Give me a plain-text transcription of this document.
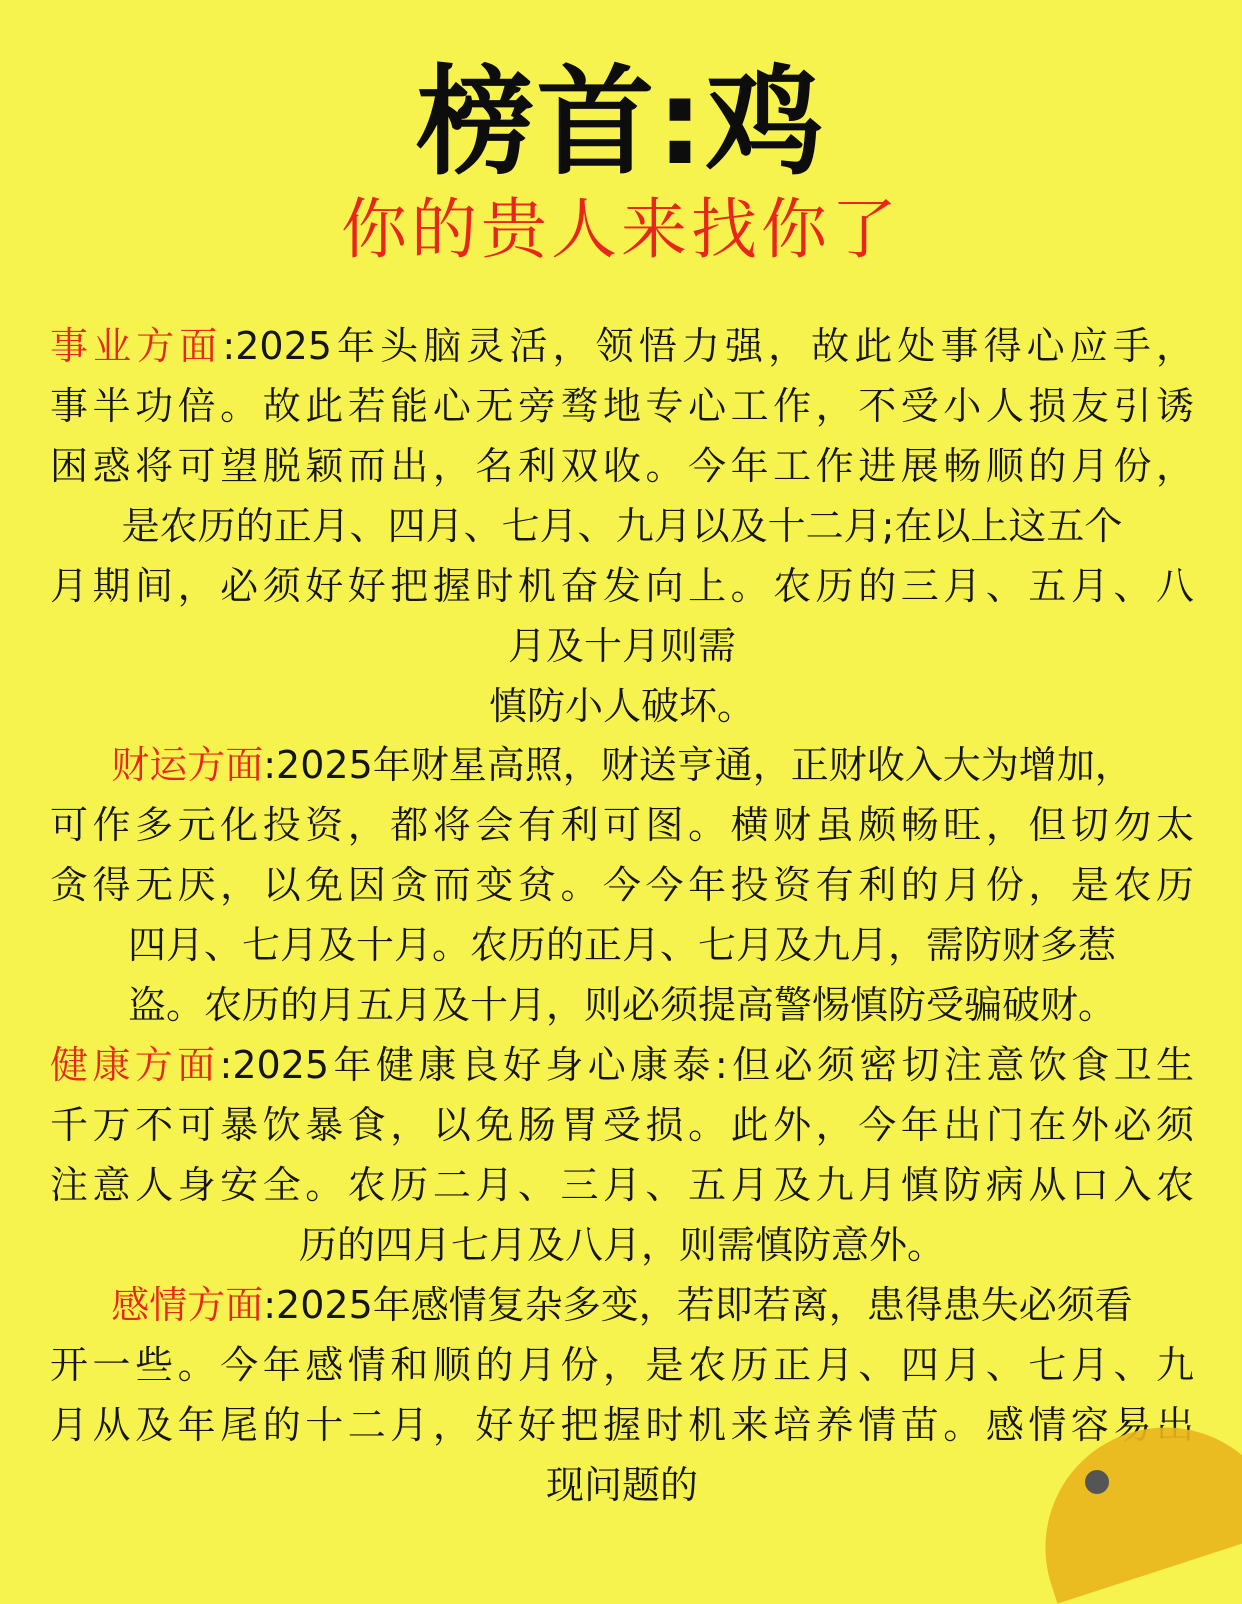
榜首:鸡
你的贵人来找你了
事业方面:2025年头脑灵活，领悟力强，故此处事得心应手，
事半功倍。故此若能心无旁骛地专心工作，不受小人损友引诱
困惑将可望脱颖而出，名利双收。今年工作进展畅顺的月份，
是农历的正月、四月、七月、九月以及十二月;在以上这五个
月期间，必须好好把握时机奋发向上。农历的三月、五月、八
月及十月则需
慎防小人破坏。
财运方面:2025年财星高照，财送亨通，正财收入大为增加，
可作多元化投资，都将会有利可图。横财虽颇畅旺，但切勿太
贪得无厌，以免因贪而变贫。今今年投资有利的月份，是农历
四月、七月及十月。农历的正月、七月及九月，需防财多惹
盗。农历的月五月及十月，则必须提高警惕慎防受骗破财。
健康方面:2025年健康良好身心康泰:但必须密切注意饮食卫生
千万不可暴饮暴食，以免肠胃受损。此外，今年出门在外必须
注意人身安全。农历二月、三月、五月及九月慎防病从口入农
历的四月七月及八月，则需慎防意外。
感情方面:2025年感情复杂多变，若即若离，患得患失必须看
开一些。今年感情和顺的月份，是农历正月、四月、七月、九
月从及年尾的十二月，好好把握时机来培养情苗。感情容易出
现问题的
